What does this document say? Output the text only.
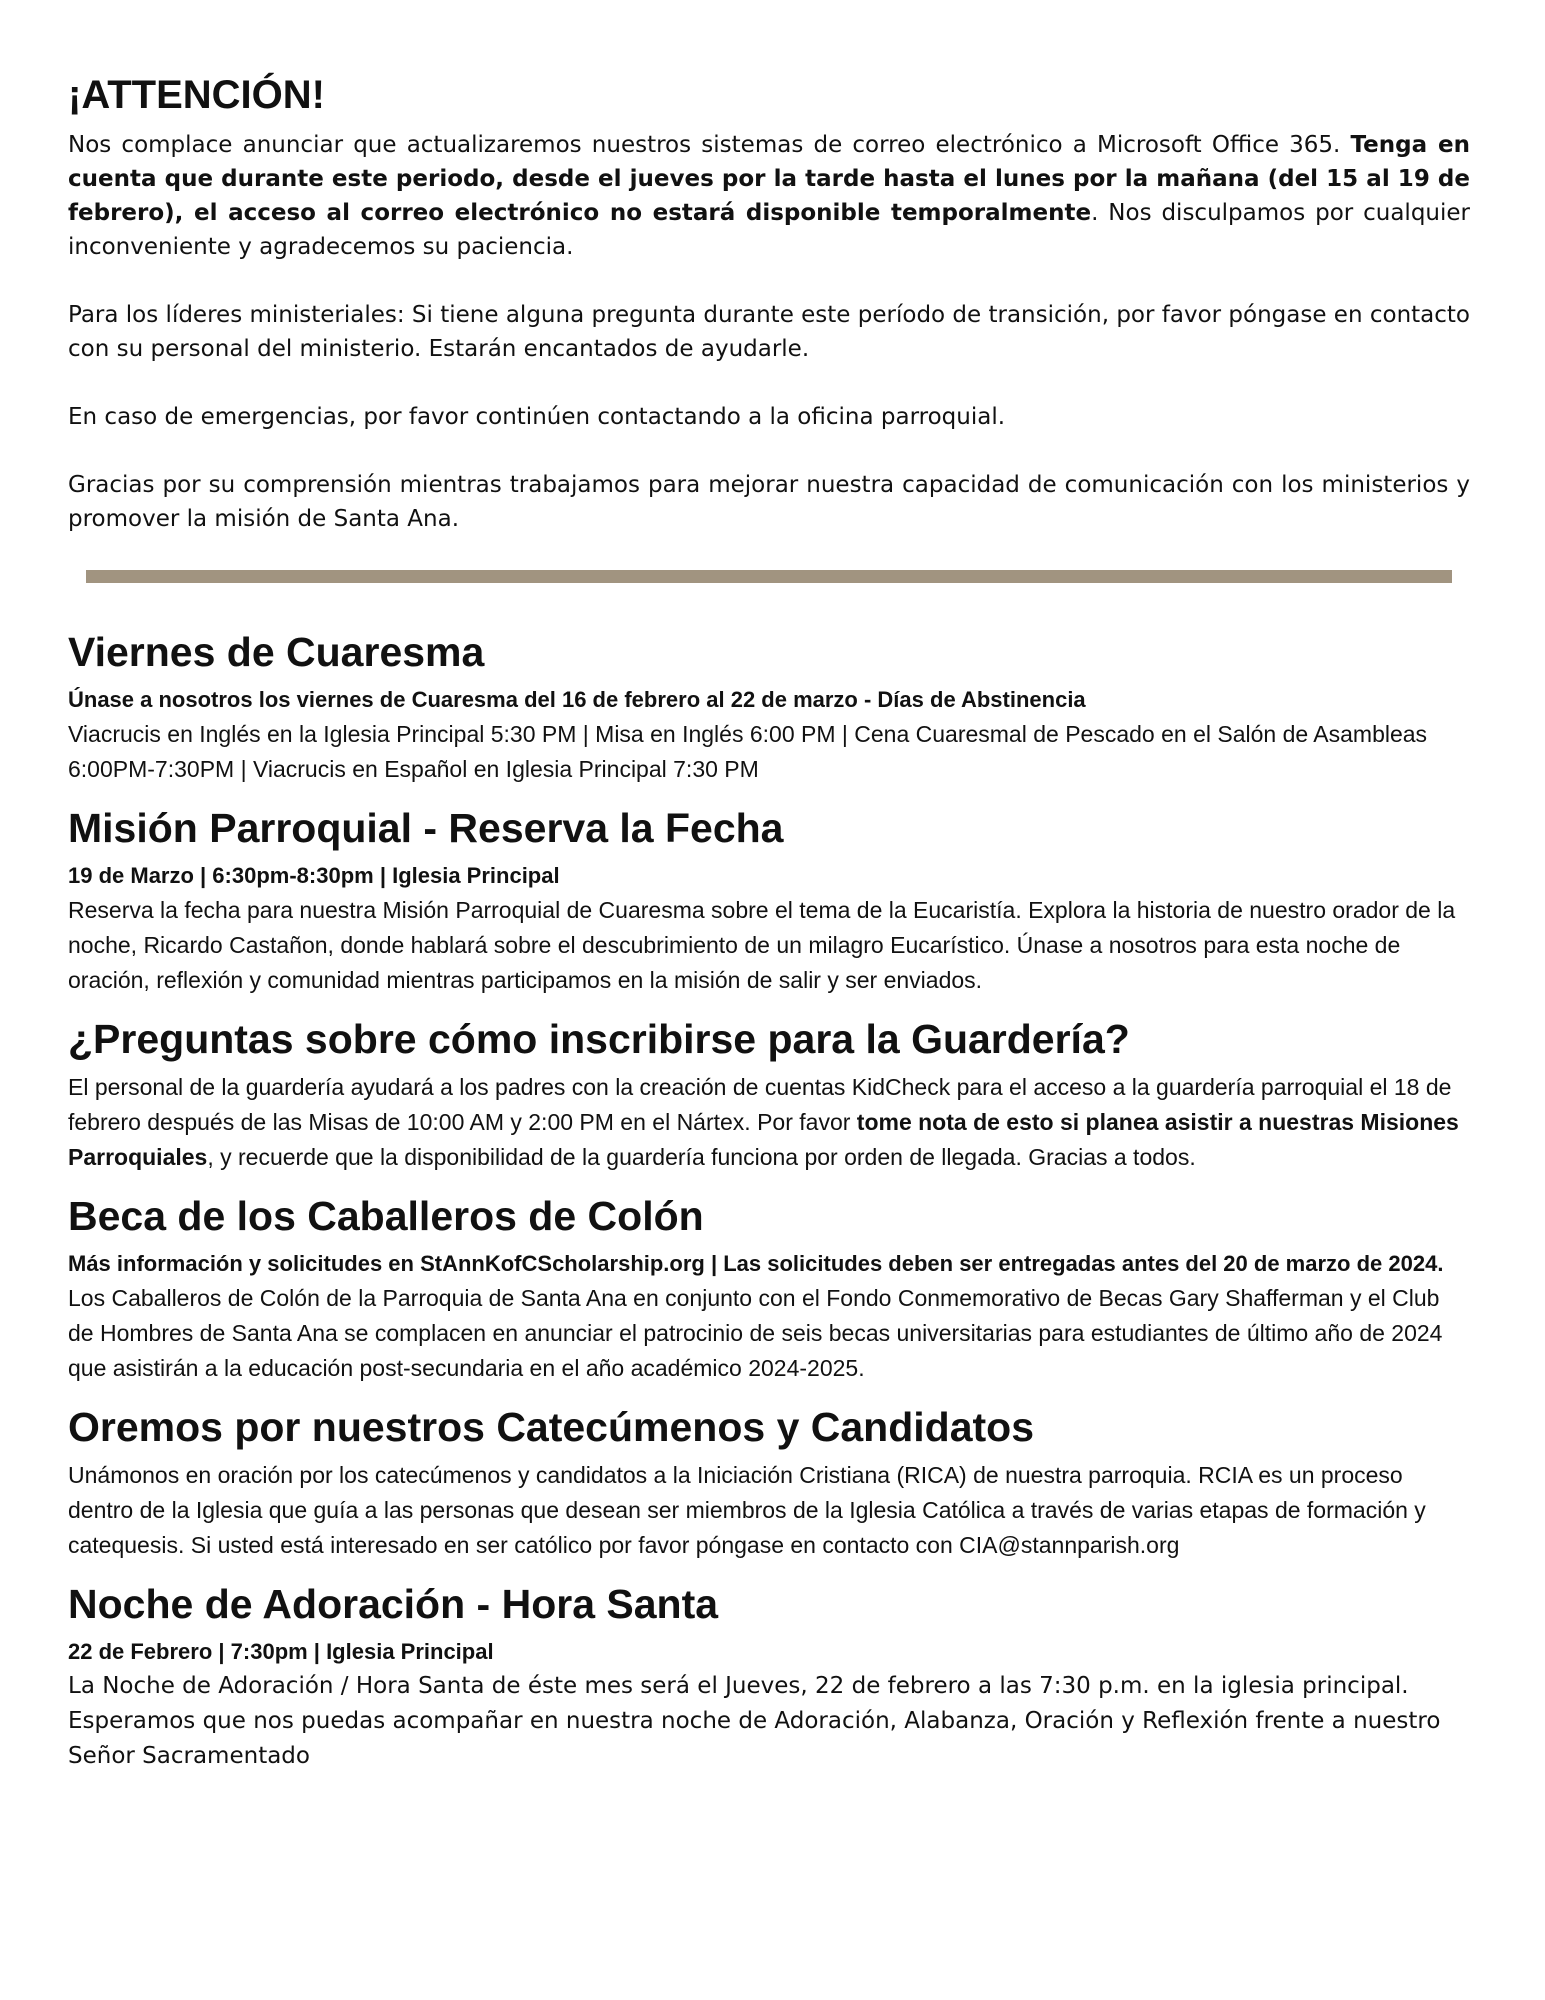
¡ATTENCIÓN!

Nos complace anunciar que actualizaremos nuestros sistemas de correo electrónico a Microsoft Office 365. Tenga en cuenta que durante este periodo, desde el jueves por la tarde hasta el lunes por la mañana (del 15 al 19 de febrero), el acceso al correo electrónico no estará disponible temporalmente. Nos disculpamos por cualquier inconveniente y agradecemos su paciencia.

Para los líderes ministeriales: Si tiene alguna pregunta durante este período de transición, por favor póngase en contacto con su personal del ministerio. Estarán encantados de ayudarle.

En caso de emergencias, por favor continúen contactando a la oficina parroquial.

Gracias por su comprensión mientras trabajamos para mejorar nuestra capacidad de comunicación con los ministerios y promover la misión de Santa Ana.

Viernes de Cuaresma

Únase a nosotros los viernes de Cuaresma del 16 de febrero al 22 de marzo - Días de Abstinencia

Viacrucis en Inglés en la Iglesia Principal 5:30 PM | Misa en Inglés 6:00 PM | Cena Cuaresmal de Pescado en el Salón de Asambleas 6:00PM-7:30PM | Viacrucis en Español en Iglesia Principal 7:30 PM

Misión Parroquial - Reserva la Fecha

19 de Marzo | 6:30pm-8:30pm | Iglesia Principal

Reserva la fecha para nuestra Misión Parroquial de Cuaresma sobre el tema de la Eucaristía. Explora la historia de nuestro orador de la noche, Ricardo Castañon, donde hablará sobre el descubrimiento de un milagro Eucarístico. Únase a nosotros para esta noche de oración, reflexión y comunidad mientras participamos en la misión de salir y ser enviados.

¿Preguntas sobre cómo inscribirse para la Guardería?

El personal de la guardería ayudará a los padres con la creación de cuentas KidCheck para el acceso a la guardería parroquial el 18 de febrero después de las Misas de 10:00 AM y 2:00 PM en el Nártex. Por favor tome nota de esto si planea asistir a nuestras Misiones Parroquiales, y recuerde que la disponibilidad de la guardería funciona por orden de llegada. Gracias a todos.

Beca de los Caballeros de Colón

Más información y solicitudes en StAnnKofCScholarship.org | Las solicitudes deben ser entregadas antes del 20 de marzo de 2024.

Los Caballeros de Colón de la Parroquia de Santa Ana en conjunto con el Fondo Conmemorativo de Becas Gary Shafferman y el Club de Hombres de Santa Ana se complacen en anunciar el patrocinio de seis becas universitarias para estudiantes de último año de 2024 que asistirán a la educación post-secundaria en el año académico 2024-2025.

Oremos por nuestros Catecúmenos y Candidatos

Unámonos en oración por los catecúmenos y candidatos a la Iniciación Cristiana (RICA) de nuestra parroquia. RCIA es un proceso dentro de la Iglesia que guía a las personas que desean ser miembros de la Iglesia Católica a través de varias etapas de formación y catequesis. Si usted está interesado en ser católico por favor póngase en contacto con CIA@stannparish.org

Noche de Adoración - Hora Santa

22 de Febrero | 7:30pm | Iglesia Principal

La Noche de Adoración / Hora Santa de éste mes será el Jueves, 22 de febrero a las 7:30 p.m. en la iglesia principal. Esperamos que nos puedas acompañar en nuestra noche de Adoración, Alabanza, Oración y Reflexión frente a nuestro Señor Sacramentado
